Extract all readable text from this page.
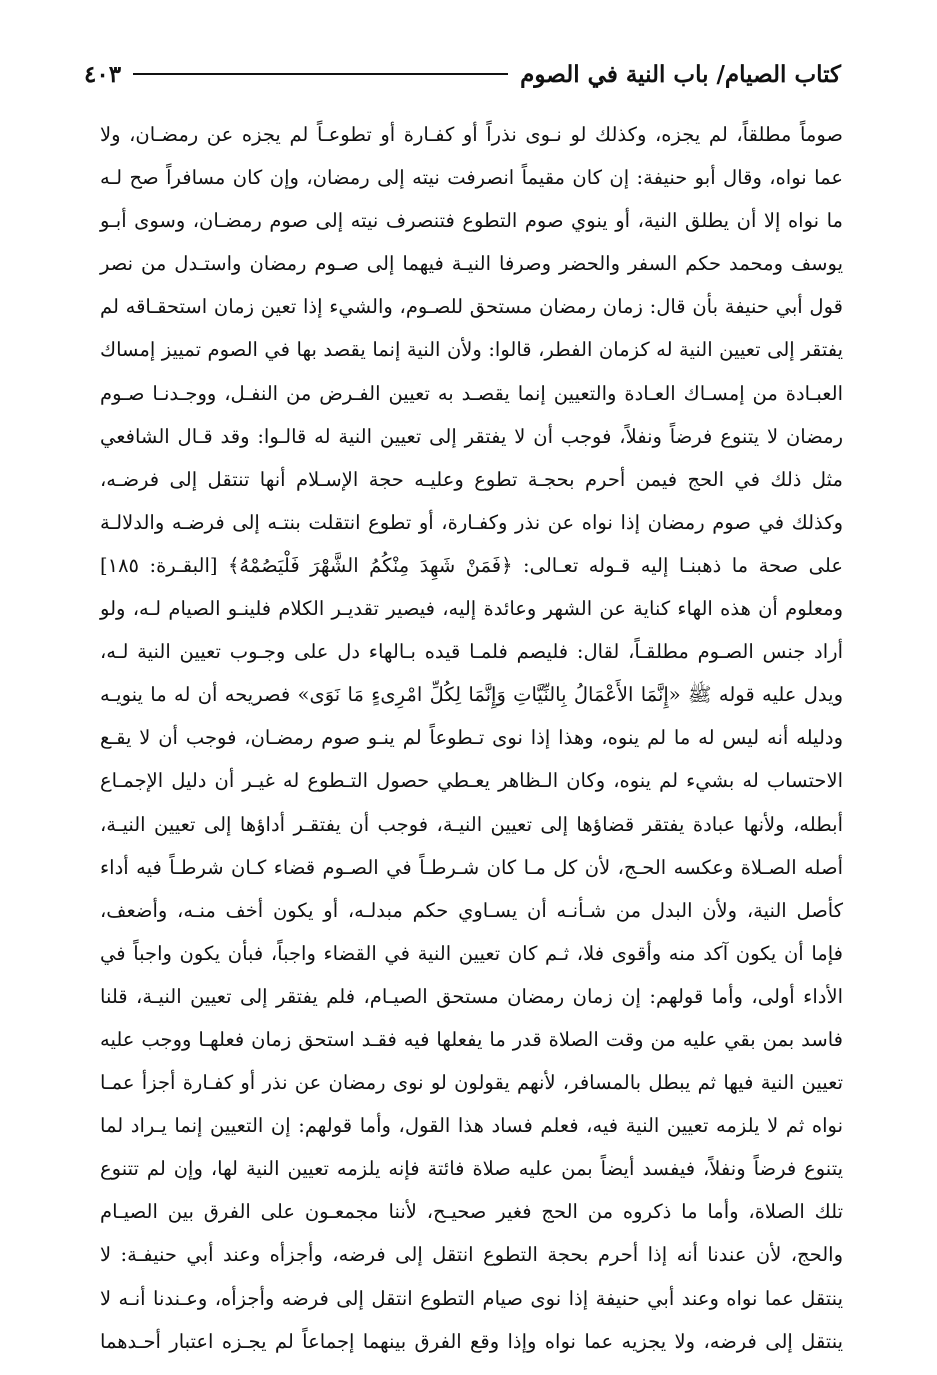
كتاب الصيام/ باب النية في الصوم
٤٠٣
صوماً مطلقاً، لم يجزه، وكذلك لو نـوى نذراً أو كفـارة أو تطوعـاً لم يجزه عن رمضـان، ولا
عما نواه، وقال أبو حنيفة: إن كان مقيماً انصرفت نيته إلى رمضان، وإن كان مسافراً صح لـه
ما نواه إلا أن يطلق النية، أو ينوي صوم التطوع فتنصرف نيته إلى صوم رمضـان، وسوى أبـو
يوسف ومحمد حكم السفر والحضر وصرفا النيـة فيهما إلى صـوم رمضان واستـدل من نصر
قول أبي حنيفة بأن قال: زمان رمضان مستحق للصـوم، والشيء إذا تعين زمان استحقـاقه لم
يفتقر إلى تعيين النية له كزمان الفطر، قالوا: ولأن النية إنما يقصد بها في الصوم تمييز إمساك
العبـادة من إمسـاك العـادة والتعيين إنما يقصـد به تعيين الفـرض من النفـل، ووجـدنـا صـوم
رمضان لا يتنوع فرضاً ونفلاً، فوجب أن لا يفتقر إلى تعيين النية له قالـوا: وقد قـال الشافعي
مثل ذلك في الحج فيمن أحرم بحجـة تطوع وعليـه حجة الإسـلام أنها تنتقل إلى فرضـه،
وكذلك في صوم رمضان إذا نواه عن نذر وكفـارة، أو تطوع انتقلت بنتـه إلى فرضـه والدلالـة
على صحة ما ذهبنـا إليه قـوله تعـالى: ﴿فَمَنْ شَهِدَ مِنْكُمُ الشَّهْرَ فَلْيَصُمْهُ﴾ [البقـرة: ١٨٥]
ومعلوم أن هذه الهاء كناية عن الشهر وعائدة إليه، فيصير تقديـر الكلام فلينـو الصيام لـه، ولو
أراد جنس الصـوم مطلقـاً، لقال: فليصم فلمـا قيده بـالهاء دل على وجـوب تعيين النية لـه،
ويدل عليه قوله ﷺ «إِنَّمَا الأَعْمَالُ بِالنِّيَّاتِ وَإِنَّمَا لِكُلِّ امْرِىءٍ مَا نَوَى» فصريحه أن له ما ينويـه
ودليله أنه ليس له ما لم ينوه، وهذا إذا نوى تـطوعاً لم ينـو صوم رمضـان، فوجب أن لا يقـع
الاحتساب له بشيء لم ينوه، وكان الـظاهر يعـطي حصول التـطوع له غيـر أن دليل الإجمـاع
أبطله، ولأنها عبادة يفتقر قضاؤها إلى تعيين النيـة، فوجب أن يفتقـر أداؤها إلى تعيين النيـة،
أصله الصـلاة وعكسه الحـج، لأن كل مـا كان شـرطـاً في الصـوم قضاء كـان شرطـاً فيه أداء
كأصل النية، ولأن البدل من شـأنـه أن يسـاوي حكم مبدلـه، أو يكون أخف منـه، وأضعف،
فإما أن يكون آكد منه وأقوى فلا، ثـم كان تعيين النية في القضاء واجباً، فبأن يكون واجباً في
الأداء أولى، وأما قولهم: إن زمان رمضان مستحق الصيـام، فلم يفتقر إلى تعيين النيـة، قلنا
فاسد بمن بقي عليه من وقت الصلاة قدر ما يفعلها فيه فقـد استحق زمان فعلهـا ووجب عليه
تعيين النية فيها ثم يبطل بالمسافر، لأنهم يقولون لو نوى رمضان عن نذر أو كفـارة أجزأ عمـا
نواه ثم لا يلزمه تعيين النية فيه، فعلم فساد هذا القول، وأما قولهم: إن التعيين إنما يـراد لما
يتنوع فرضاً ونفلاً، فيفسد أيضاً بمن عليه صلاة فائتة فإنه يلزمه تعيين النية لها، وإن لم تتنوع
تلك الصلاة، وأما ما ذكروه من الحج فغير صحيـح، لأننا مجمعـون على الفرق بين الصيـام
والحج، لأن عندنا أنه إذا أحرم بحجة التطوع انتقل إلى فرضه، وأجزأه وعند أبي حنيفـة: لا
ينتقل عما نواه وعند أبي حنيفة إذا نوى صيام التطوع انتقل إلى فرضه وأجزأه، وعـندنا أنـه لا
ينتقل إلى فرضه، ولا يجزيه عما نواه وإذا وقع الفرق بينهما إجماعاً لم يجـزه اعتبار أحـدهما
